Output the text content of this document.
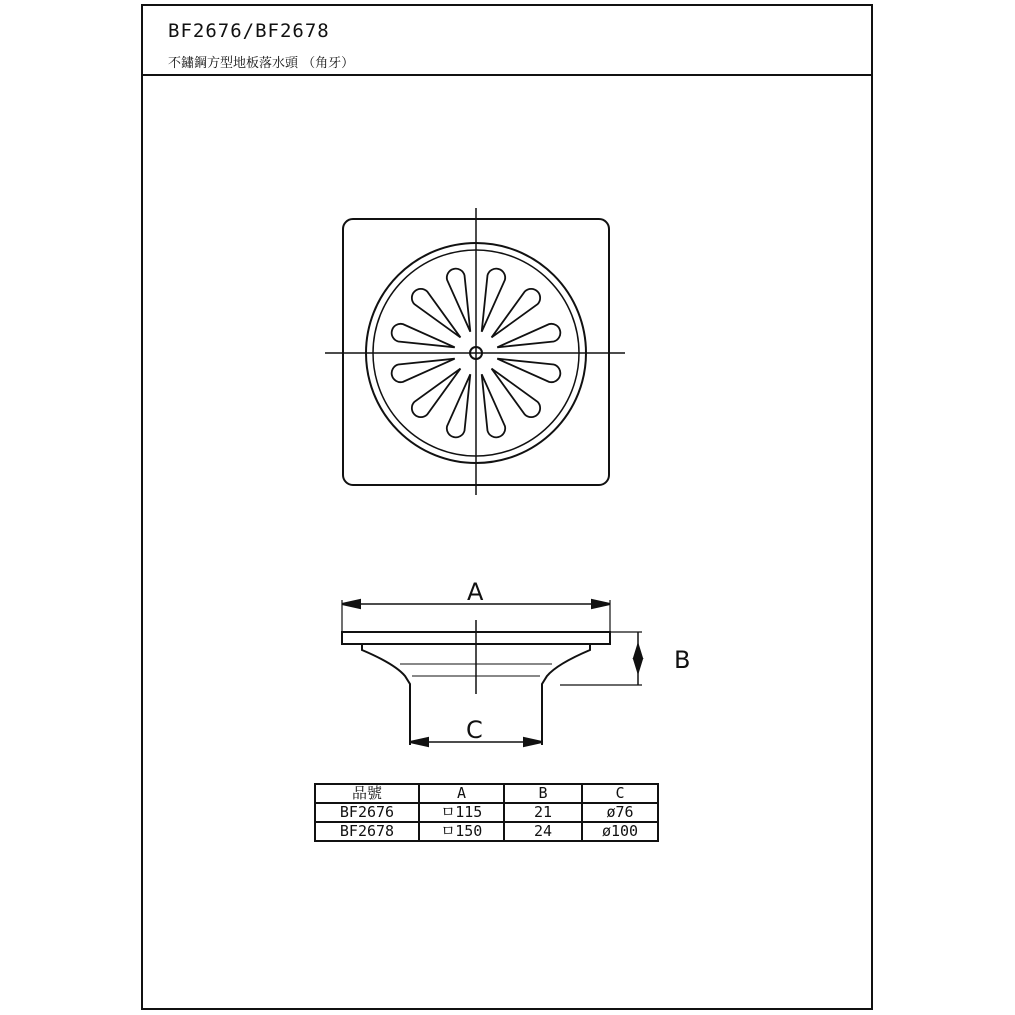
BF2676/BF2678
不鏽鋼方型地板落水頭 （角牙）
A
B
C
品號	A	B	C
BF2676	ㅁ115	21	ø76
BF2678	ㅁ150	24	ø100
